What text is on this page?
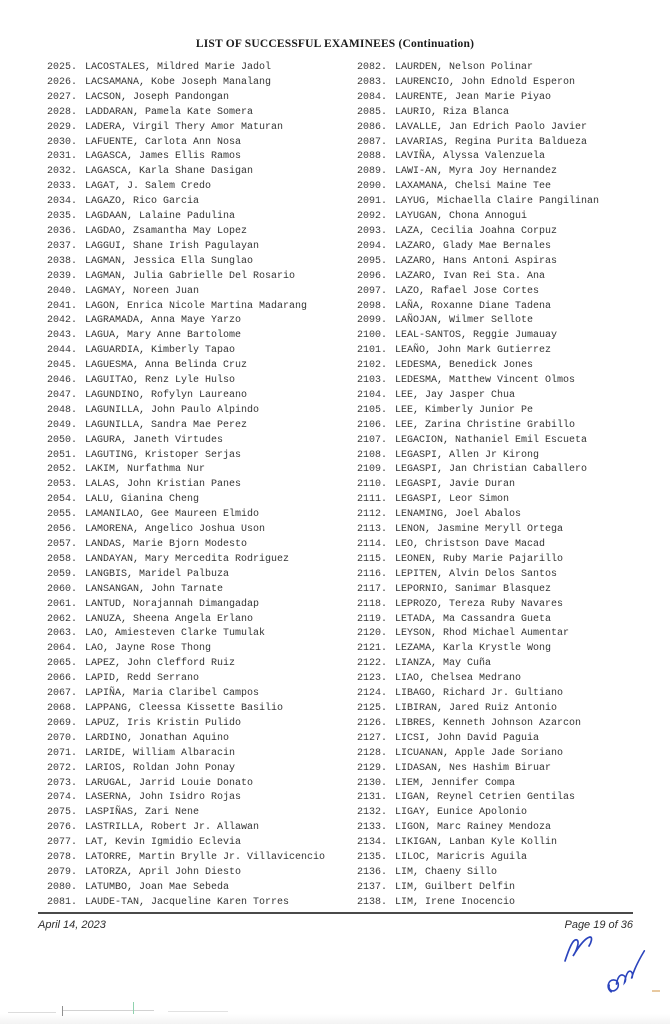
LIST OF SUCCESSFUL EXAMINEES (Continuation)
2025. LACOSTALES, Mildred Marie Jadol
2026. LACSAMANA, Kobe Joseph Manalang
2027. LACSON, Joseph Pandongan
2028. LADDARAN, Pamela Kate Somera
2029. LADERA, Virgil Thery Amor Maturan
2030. LAFUENTE, Carlota Ann Nosa
2031. LAGASCA, James Ellis Ramos
2032. LAGASCA, Karla Shane Dasigan
2033. LAGAT, J. Salem Credo
2034. LAGAZO, Rico Garcia
2035. LAGDAAN, Lalaine Padulina
2036. LAGDAO, Zsamantha May Lopez
2037. LAGGUI, Shane Irish Pagulayan
2038. LAGMAN, Jessica Ella Sunglao
2039. LAGMAN, Julia Gabrielle Del Rosario
2040. LAGMAY, Noreen Juan
2041. LAGON, Enrica Nicole Martina Madarang
2042. LAGRAMADA, Anna Maye Yarzo
2043. LAGUA, Mary Anne Bartolome
2044. LAGUARDIA, Kimberly Tapao
2045. LAGUESMA, Anna Belinda Cruz
2046. LAGUITAO, Renz Lyle Hulso
2047. LAGUNDINO, Rofylyn Laureano
2048. LAGUNILLA, John Paulo Alpindo
2049. LAGUNILLA, Sandra Mae Perez
2050. LAGURA, Janeth Virtudes
2051. LAGUTING, Kristoper Serjas
2052. LAKIM, Nurfathma Nur
2053. LALAS, John Kristian Panes
2054. LALU, Gianina Cheng
2055. LAMANILAO, Gee Maureen Elmido
2056. LAMORENA, Angelico Joshua Uson
2057. LANDAS, Marie Bjorn Modesto
2058. LANDAYAN, Mary Mercedita Rodriguez
2059. LANGBIS, Maridel Palbuza
2060. LANSANGAN, John Tarnate
2061. LANTUD, Norajannah Dimangadap
2062. LANUZA, Sheena Angela Erlano
2063. LAO, Amiesteven Clarke Tumulak
2064. LAO, Jayne Rose Thong
2065. LAPEZ, John Clefford Ruiz
2066. LAPID, Redd Serrano
2067. LAPIÑA, Maria Claribel Campos
2068. LAPPANG, Cleessa Kissette Basilio
2069. LAPUZ, Iris Kristin Pulido
2070. LARDINO, Jonathan Aquino
2071. LARIDE, William Albaracin
2072. LARIOS, Roldan John Ponay
2073. LARUGAL, Jarrid Louie Donato
2074. LASERNA, John Isidro Rojas
2075. LASPIÑAS, Zari Nene
2076. LASTRILLA, Robert Jr. Allawan
2077. LAT, Kevin Igmidio Eclevia
2078. LATORRE, Martin Brylle Jr. Villavicencio
2079. LATORZA, April John Diesto
2080. LATUMBO, Joan Mae Sebeda
2081. LAUDE-TAN, Jacqueline Karen Torres
2082. LAURDEN, Nelson Polinar
2083. LAURENCIO, John Ednold Esperon
2084. LAURENTE, Jean Marie Piyao
2085. LAURIO, Riza Blanca
2086. LAVALLE, Jan Edrich Paolo Javier
2087. LAVARIAS, Regina Purita Baldueza
2088. LAVIÑA, Alyssa Valenzuela
2089. LAWI-AN, Myra Joy Hernandez
2090. LAXAMANA, Chelsi Maine Tee
2091. LAYUG, Michaella Claire Pangilinan
2092. LAYUGAN, Chona Annogui
2093. LAZA, Cecilia Joahna Corpuz
2094. LAZARO, Glady Mae Bernales
2095. LAZARO, Hans Antoni Aspiras
2096. LAZARO, Ivan Rei Sta. Ana
2097. LAZO, Rafael Jose Cortes
2098. LAÑA, Roxanne Diane Tadena
2099. LAÑOJAN, Wilmer Sellote
2100. LEAL-SANTOS, Reggie Jumauay
2101. LEAÑO, John Mark Gutierrez
2102. LEDESMA, Benedick Jones
2103. LEDESMA, Matthew Vincent Olmos
2104. LEE, Jay Jasper Chua
2105. LEE, Kimberly Junior Pe
2106. LEE, Zarina Christine Grabillo
2107. LEGACION, Nathaniel Emil Escueta
2108. LEGASPI, Allen Jr Kirong
2109. LEGASPI, Jan Christian Caballero
2110. LEGASPI, Javie Duran
2111. LEGASPI, Leor Simon
2112. LENAMING, Joel Abalos
2113. LENON, Jasmine Meryll Ortega
2114. LEO, Christson Dave Macad
2115. LEONEN, Ruby Marie Pajarillo
2116. LEPITEN, Alvin Delos Santos
2117. LEPORNIO, Sanimar Blasquez
2118. LEPROZO, Tereza Ruby Navares
2119. LETADA, Ma Cassandra Gueta
2120. LEYSON, Rhod Michael Aumentar
2121. LEZAMA, Karla Krystle Wong
2122. LIANZA, May Cuña
2123. LIAO, Chelsea Medrano
2124. LIBAGO, Richard Jr. Gultiano
2125. LIBIRAN, Jared Ruiz Antonio
2126. LIBRES, Kenneth Johnson Azarcon
2127. LICSI, John David Paguia
2128. LICUANAN, Apple Jade Soriano
2129. LIDASAN, Nes Hashim Biruar
2130. LIEM, Jennifer Compa
2131. LIGAN, Reynel Cetrien Gentilas
2132. LIGAY, Eunice Apolonio
2133. LIGON, Marc Rainey Mendoza
2134. LIKIGAN, Lanban Kyle Kollin
2135. LILOC, Maricris Aguila
2136. LIM, Chaeny Sillo
2137. LIM, Guilbert Delfin
2138. LIM, Irene Inocencio
April 14, 2023	Page 19 of 36
